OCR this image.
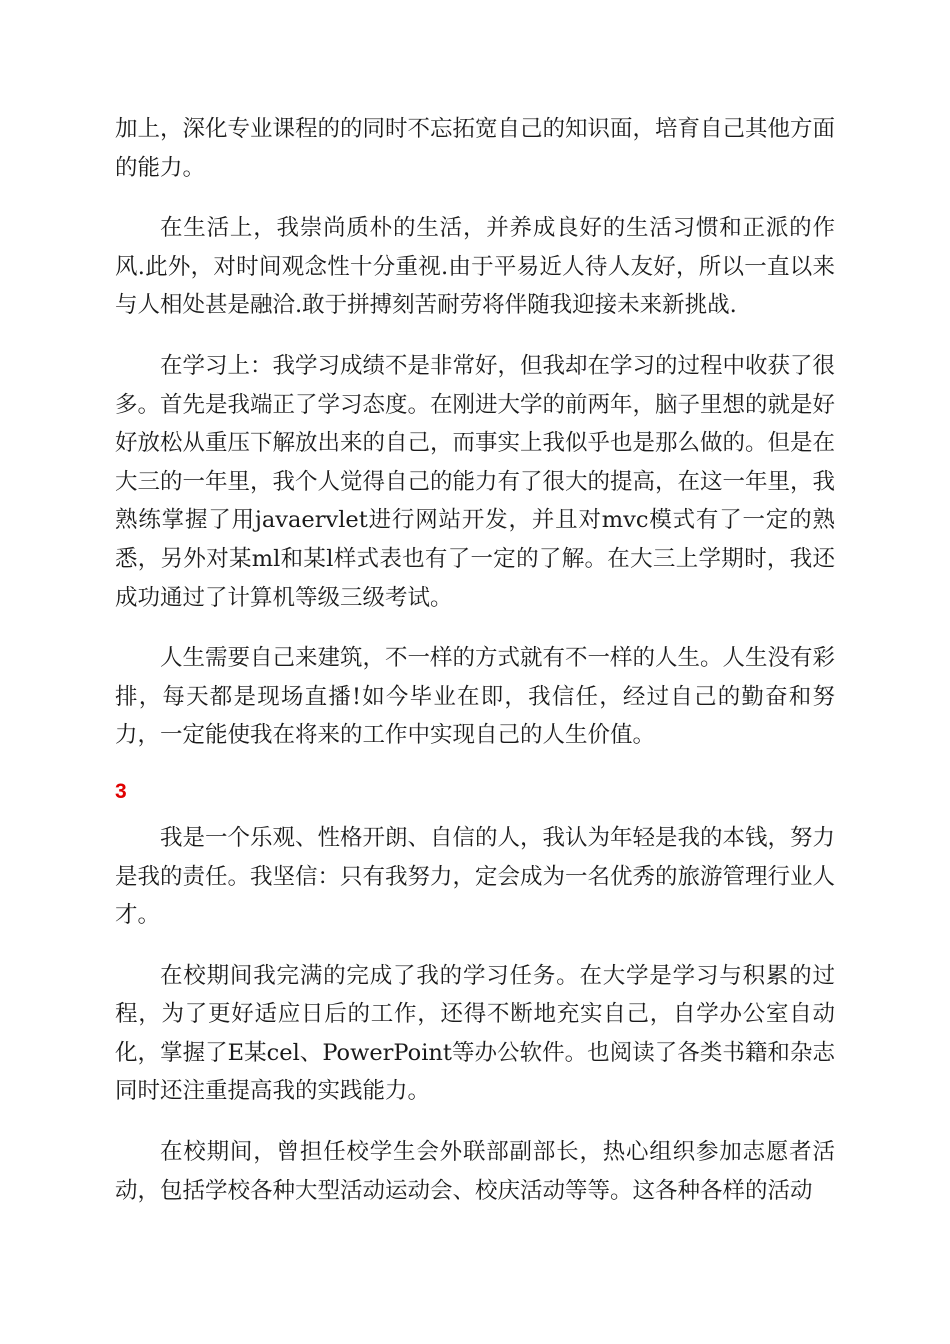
加上，深化专业课程的的同时不忘拓宽自己的知识面，培育自己其他方面的能力。

在生活上，我崇尚质朴的生活，并养成良好的生活习惯和正派的作风.此外，对时间观念性十分重视.由于平易近人待人友好，所以一直以来与人相处甚是融洽.敢于拼搏刻苦耐劳将伴随我迎接未来新挑战.

在学习上：我学习成绩不是非常好，但我却在学习的过程中收获了很多。首先是我端正了学习态度。在刚进大学的前两年，脑子里想的就是好好放松从重压下解放出来的自己，而事实上我似乎也是那么做的。但是在大三的一年里，我个人觉得自己的能力有了很大的提高，在这一年里，我熟练掌握了用javaervlet进行网站开发，并且对mvc模式有了一定的熟悉，另外对某ml和某l样式表也有了一定的了解。在大三上学期时，我还成功通过了计算机等级三级考试。

人生需要自己来建筑，不一样的方式就有不一样的人生。人生没有彩排，每天都是现场直播!如今毕业在即，我信任，经过自己的勤奋和努力，一定能使我在将来的工作中实现自己的人生价值。

3

我是一个乐观、性格开朗、自信的人，我认为年轻是我的本钱，努力是我的责任。我坚信：只有我努力，定会成为一名优秀的旅游管理行业人才。

在校期间我完满的完成了我的学习任务。在大学是学习与积累的过程，为了更好适应日后的工作，还得不断地充实自己，自学办公室自动化，掌握了E某cel、PowerPoint等办公软件。也阅读了各类书籍和杂志同时还注重提高我的实践能力。

在校期间，曾担任校学生会外联部副部长，热心组织参加志愿者活动，包括学校各种大型活动运动会、校庆活动等等。这各种各样的活动
